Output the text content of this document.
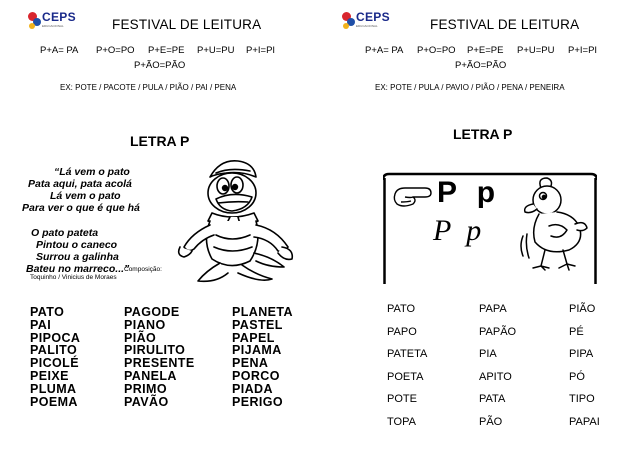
CEPS
EDUCACIONAL	FESTIVAL DE LEITURA
P+A= PA P+O=PO P+E=PE P+U=PU P+I=PI
P+ÃO=PÃO
EX: POTE / PACOTE / PULA / PIÃO / PAI / PENA
LETRA P
“Lá vem o pato
Pata aqui, pata acolá
Lá vem o pato
Para ver o que é que há
O pato pateta
Pintou o caneco
Surrou a galinha
Bateu no marreco...”
Composição:
Toquinho / Vinicius de Moraes
PATO
PAI
PIPOCA
PALITO
PICOLÉ
PEIXE
PLUMA
POEMA
PAGODE
PIANO
PIÃO
PIRULITO
PRESENTE
PANELA
PRIMO
PAVÃO
PLANETA
PASTEL
PAPEL
PIJAMA
PENA
PORCO
PIADA
PERIGO
CEPS
EDUCACIONAL	FESTIVAL DE LEITURA
P+A= PA P+O=PO P+E=PE P+U=PU P+I=PI
P+ÃO=PÃO
EX: POTE / PULA / PAVIO / PIÃO / PENA / PENEIRA
LETRA P
P p
P p
PATO
PAPO
PATETA
POETA
POTE
TOPA
PAPA
PAPÃO
PIA
APITO
PATA
PÃO
PIÃO
PÉ
PIPA
PÓ
TIPO
PAPAI
